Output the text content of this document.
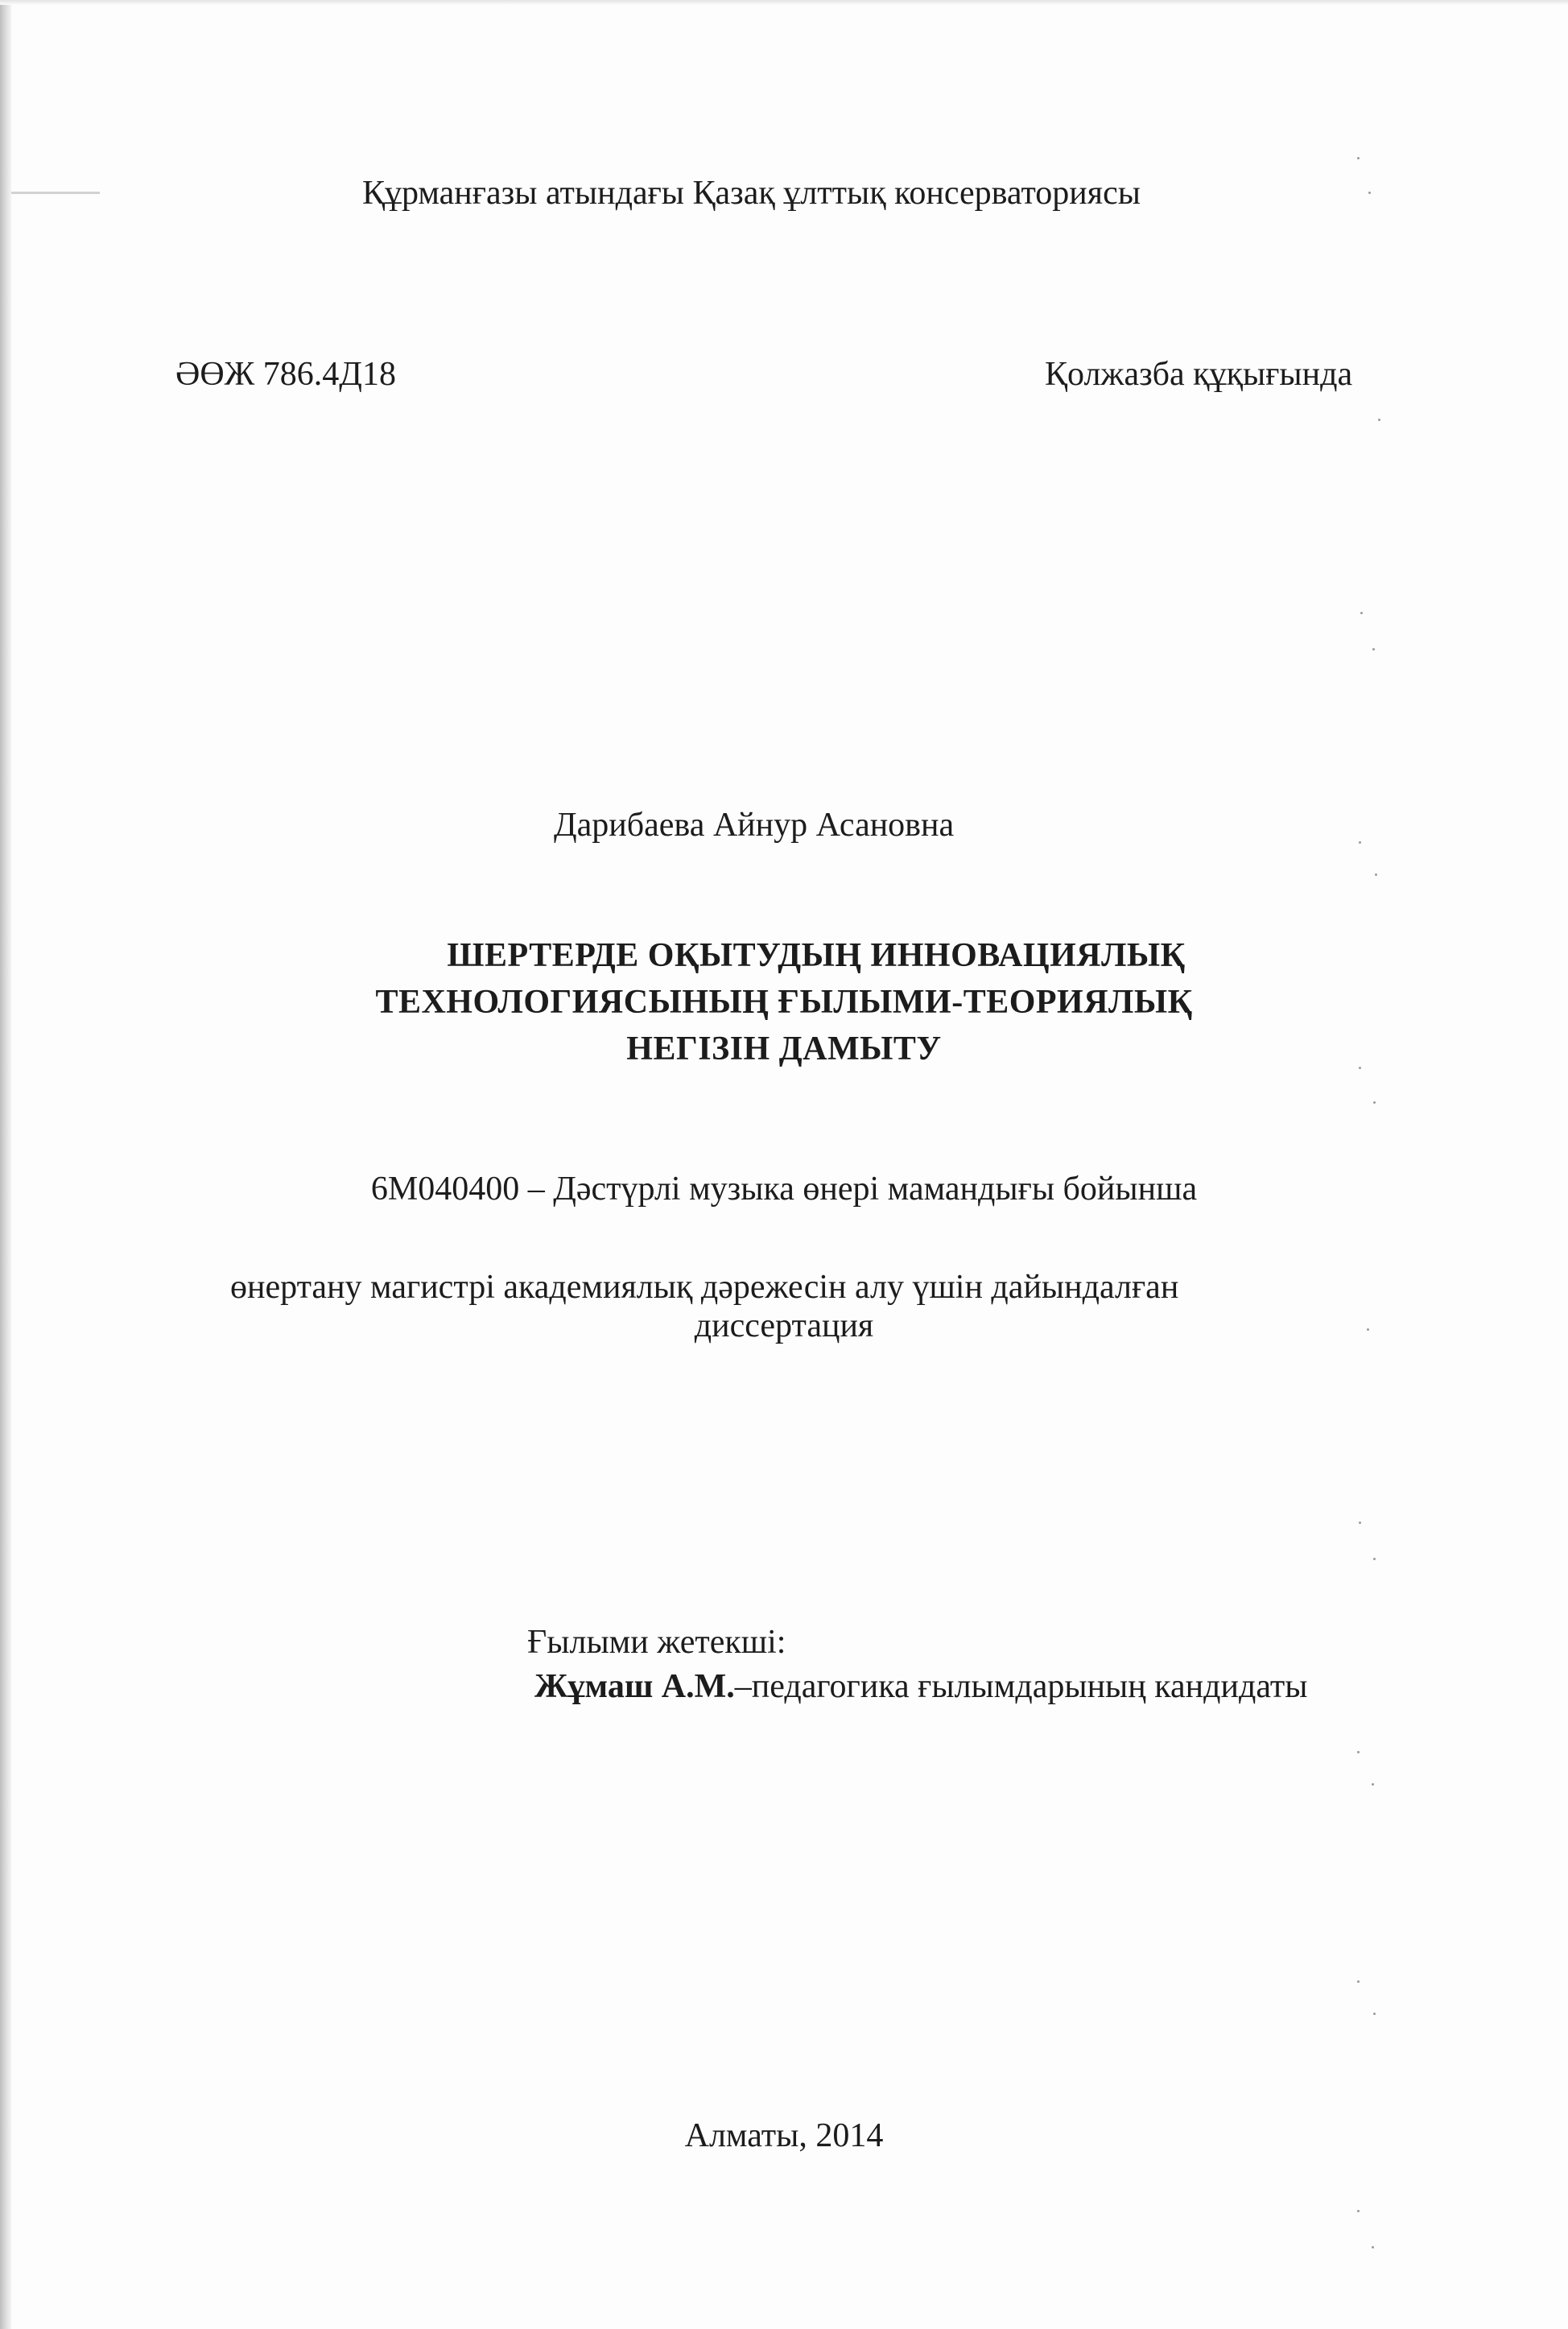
Құрманғазы атындағы Қазақ ұлттық консерваториясы
ӘӨЖ 786.4Д18	Қолжазба құқығында
Дарибаева Айнур Асановна
ШЕРТЕРДЕ ОҚЫТУДЫҢ ИННОВАЦИЯЛЫҚ
ТЕХНОЛОГИЯСЫНЫҢ ҒЫЛЫМИ-ТЕОРИЯЛЫҚ
НЕГІЗІН ДАМЫТУ
6М040400 – Дәстүрлі музыка өнері мамандығы бойынша
өнертану магистрі академиялық дәрежесін алу үшін дайындалған
диссертация
Ғылыми жетекші:
Жұмаш А.М.–педагогика ғылымдарының кандидаты
Алматы, 2014
